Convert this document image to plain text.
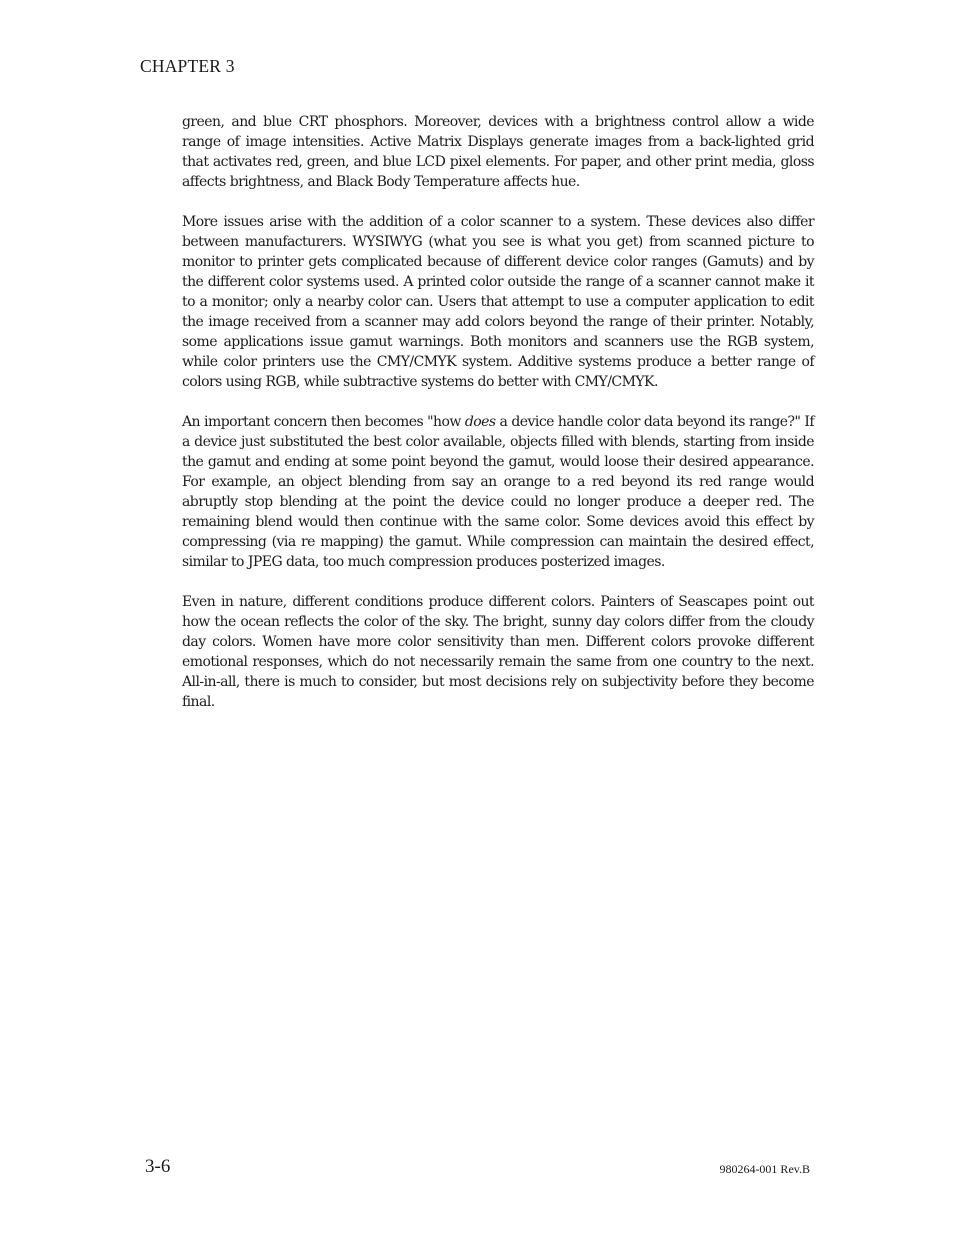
CHAPTER 3

green, and blue CRT phosphors. Moreover, devices with a brightness control allow a wide range of image intensities. Active Matrix Displays generate images from a back-lighted grid that activates red, green, and blue LCD pixel elements. For paper, and other print media, gloss affects brightness, and Black Body Temperature affects hue.

More issues arise with the addition of a color scanner to a system. These devices also differ between manufacturers. WYSIWYG (what you see is what you get) from scanned picture to monitor to printer gets complicated because of different device color ranges (Gamuts) and by the different color systems used. A printed color outside the range of a scanner cannot make it to a monitor; only a nearby color can. Users that attempt to use a computer application to edit the image received from a scanner may add colors beyond the range of their printer. Notably, some applications issue gamut warnings. Both monitors and scanners use the RGB system, while color printers use the CMY/CMYK system. Additive systems produce a better range of colors using RGB, while subtractive systems do better with CMY/CMYK.

An important concern then becomes "how does a device handle color data beyond its range?" If a device just substituted the best color available, objects filled with blends, starting from inside the gamut and ending at some point beyond the gamut, would loose their desired appearance. For example, an object blending from say an orange to a red beyond its red range would abruptly stop blending at the point the device could no longer produce a deeper red. The remaining blend would then continue with the same color. Some devices avoid this effect by compressing (via re mapping) the gamut. While compression can maintain the desired effect, similar to JPEG data, too much compression produces posterized images.

Even in nature, different conditions produce different colors. Painters of Seascapes point out how the ocean reflects the color of the sky. The bright, sunny day colors differ from the cloudy day colors. Women have more color sensitivity than men. Different colors provoke different emotional responses, which do not necessarily remain the same from one country to the next. All-in-all, there is much to consider, but most decisions rely on subjectivity before they become final.

3-6	980264-001 Rev.B
